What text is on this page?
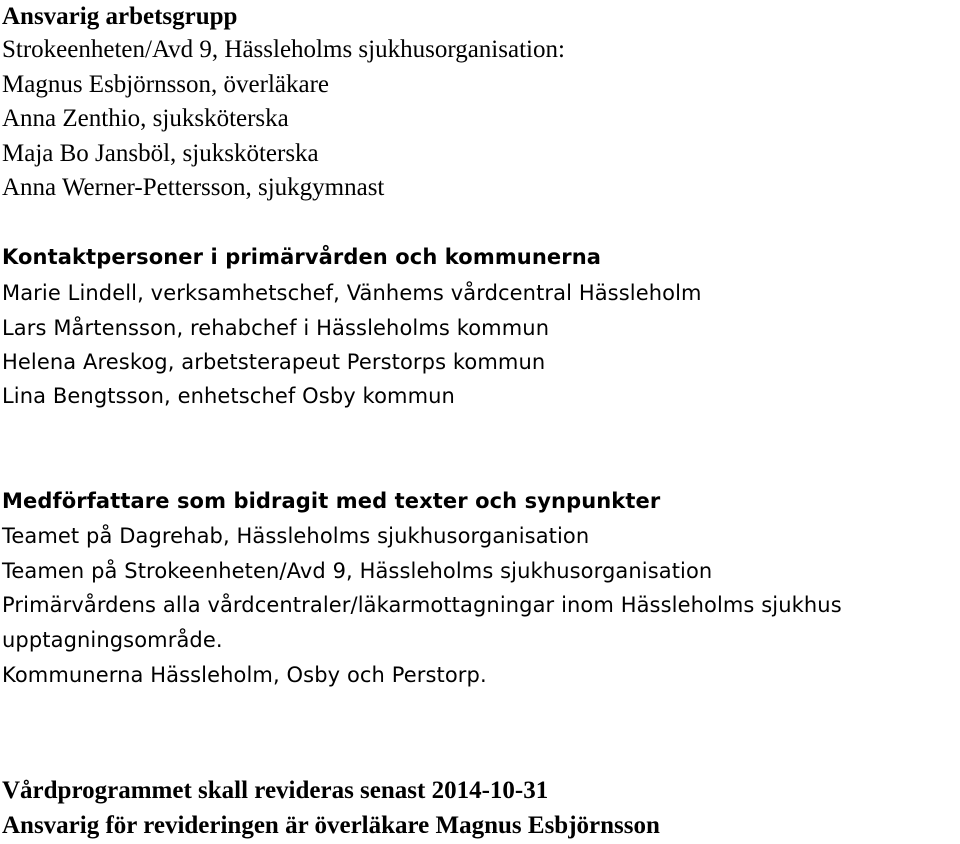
Ansvarig arbetsgrupp
Strokeenheten/Avd 9, Hässleholms sjukhusorganisation:
Magnus Esbjörnsson, överläkare
Anna Zenthio, sjuksköterska
Maja Bo Jansböl, sjuksköterska
Anna Werner-Pettersson, sjukgymnast
Kontaktpersoner i primärvården och kommunerna
Marie Lindell, verksamhetschef, Vänhems vårdcentral Hässleholm
Lars Mårtensson, rehabchef i Hässleholms kommun
Helena Areskog, arbetsterapeut Perstorps kommun
Lina Bengtsson, enhetschef Osby kommun
Medförfattare som bidragit med texter och synpunkter
Teamet på Dagrehab, Hässleholms sjukhusorganisation
Teamen på Strokeenheten/Avd 9, Hässleholms sjukhusorganisation
Primärvårdens alla vårdcentraler/läkarmottagningar inom Hässleholms sjukhus
upptagningsområde.
Kommunerna Hässleholm, Osby och Perstorp.
Vårdprogrammet skall revideras senast 2014-10-31
Ansvarig för revideringen är överläkare Magnus Esbjörnsson
